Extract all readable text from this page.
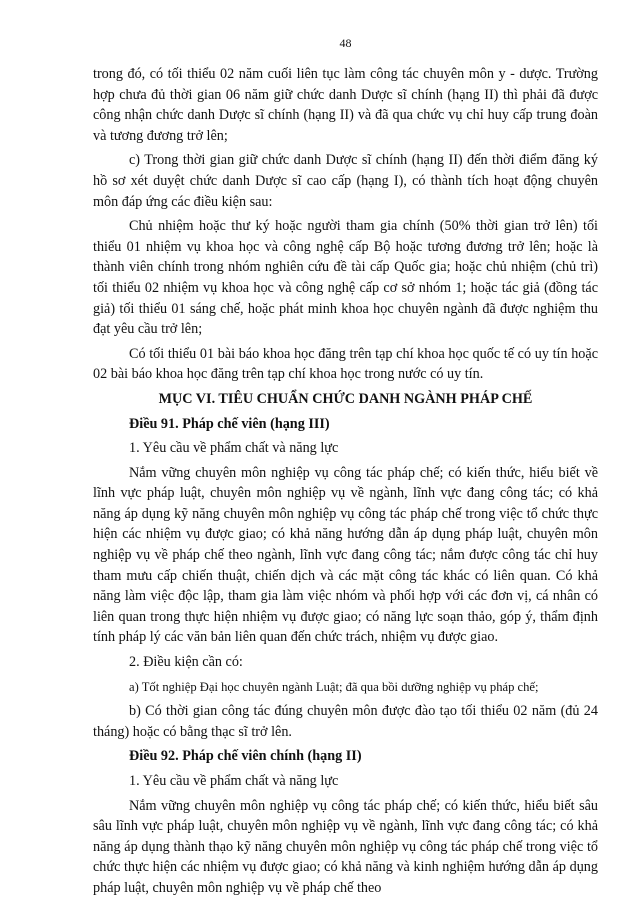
48

trong đó, có tối thiểu 02 năm cuối liên tục làm công tác chuyên môn y - dược. Trường hợp chưa đủ thời gian 06 năm giữ chức danh Dược sĩ chính (hạng II) thì phải đã được công nhận chức danh Dược sĩ chính (hạng II) và đã qua chức vụ chỉ huy cấp trung đoàn và tương đương trở lên;

c) Trong thời gian giữ chức danh Dược sĩ chính (hạng II) đến thời điểm đăng ký hồ sơ xét duyệt chức danh Dược sĩ cao cấp (hạng I), có thành tích hoạt động chuyên môn đáp ứng các điều kiện sau:

Chủ nhiệm hoặc thư ký hoặc người tham gia chính (50% thời gian trở lên) tối thiểu 01 nhiệm vụ khoa học và công nghệ cấp Bộ hoặc tương đương trở lên; hoặc là thành viên chính trong nhóm nghiên cứu đề tài cấp Quốc gia; hoặc chủ nhiệm (chủ trì) tối thiểu 02 nhiệm vụ khoa học và công nghệ cấp cơ sở nhóm 1; hoặc tác giả (đồng tác giả) tối thiểu 01 sáng chế, hoặc phát minh khoa học chuyên ngành đã được nghiệm thu đạt yêu cầu trở lên;

Có tối thiểu 01 bài báo khoa học đăng trên tạp chí khoa học quốc tế có uy tín hoặc 02 bài báo khoa học đăng trên tạp chí khoa học trong nước có uy tín.

MỤC VI. TIÊU CHUẨN CHỨC DANH NGÀNH PHÁP CHẾ

Điều 91. Pháp chế viên (hạng III)

1. Yêu cầu về phẩm chất và năng lực

Nắm vững chuyên môn nghiệp vụ công tác pháp chế; có kiến thức, hiểu biết về lĩnh vực pháp luật, chuyên môn nghiệp vụ về ngành, lĩnh vực đang công tác; có khả năng áp dụng kỹ năng chuyên môn nghiệp vụ công tác pháp chế trong việc tổ chức thực hiện các nhiệm vụ được giao; có khả năng hướng dẫn áp dụng pháp luật, chuyên môn nghiệp vụ về pháp chế theo ngành, lĩnh vực đang công tác; nắm được công tác chỉ huy tham mưu cấp chiến thuật, chiến dịch và các mặt công tác khác có liên quan. Có khả năng làm việc độc lập, tham gia làm việc nhóm và phối hợp với các đơn vị, cá nhân có liên quan trong thực hiện nhiệm vụ được giao; có năng lực soạn thảo, góp ý, thẩm định tính pháp lý các văn bản liên quan đến chức trách, nhiệm vụ được giao.

2. Điều kiện cần có:

a) Tốt nghiệp Đại học chuyên ngành Luật; đã qua bồi dưỡng nghiệp vụ pháp chế;

b) Có thời gian công tác đúng chuyên môn được đào tạo tối thiểu 02 năm (đủ 24 tháng) hoặc có bằng thạc sĩ trở lên.

Điều 92. Pháp chế viên chính (hạng II)

1. Yêu cầu về phẩm chất và năng lực

Nắm vững chuyên môn nghiệp vụ công tác pháp chế; có kiến thức, hiểu biết sâu sâu lĩnh vực pháp luật, chuyên môn nghiệp vụ về ngành, lĩnh vực đang công tác; có khả năng áp dụng thành thạo kỹ năng chuyên môn nghiệp vụ công tác pháp chế trong việc tổ chức thực hiện các nhiệm vụ được giao; có khả năng và kinh nghiệm hướng dẫn áp dụng pháp luật, chuyên môn nghiệp vụ về pháp chế theo
